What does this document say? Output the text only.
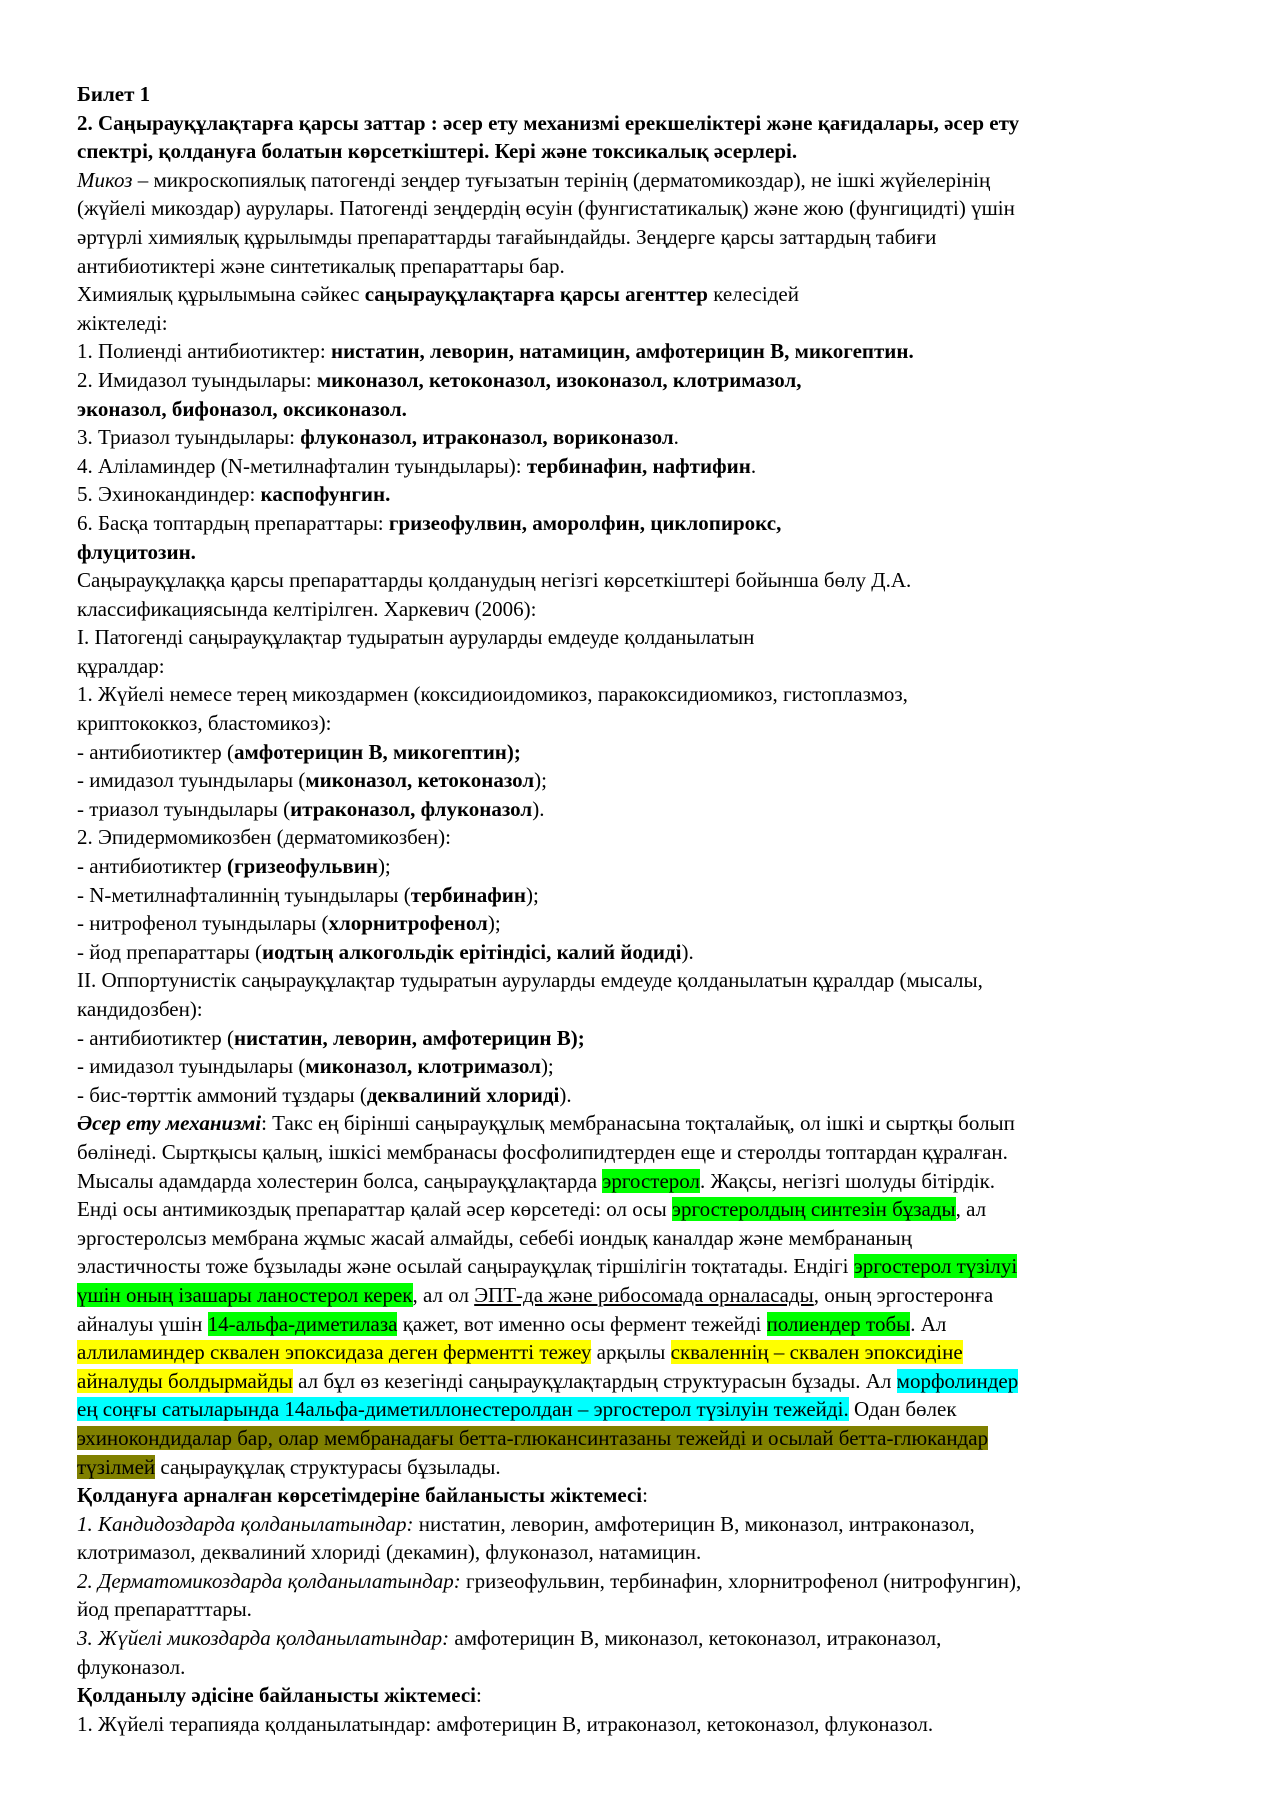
Билет 1
2. Саңырауқұлақтарға қарсы заттар : әсер ету механизмі ерекшеліктері және қағидалары, әсер ету
спектрі, қолдануға болатын көрсеткіштері. Кері және токсикалық әсерлері.
Микоз – микроскопиялық патогенді зеңдер туғызатын терінің (дерматомикоздар), не ішкі жүйелерінің
(жүйелі микоздар) аурулары. Патогенді зеңдердің өсуін (фунгистатикалық) және жою (фунгицидті) үшін
әртүрлі химиялық құрылымды препараттарды тағайындайды. Зеңдерге қарсы заттардың табиғи
антибиотиктері және синтетикалық препараттары бар.
Химиялық құрылымына сәйкес саңырауқұлақтарға қарсы агенттер келесідей
жіктеледі:
1. Полиенді антибиотиктер: нистатин, леворин, натамицин, амфотерицин В, микогептин.
2. Имидазол туындылары: миконазол, кетоконазол, изоконазол, клотримазол,
эконазол, бифоназол, оксиконазол.
3. Триазол туындылары: флуконазол, итраконазол, вориконазол.
4. Аліламиндер (N-метилнафталин туындылары): тербинафин, нафтифин.
5. Эхинокандиндер: каспофунгин.
6. Басқа топтардың препараттары: гризеофулвин, аморолфин, циклопирокс,
флуцитозин.
Саңырауқұлаққа қарсы препараттарды қолданудың негізгі көрсеткіштері бойынша бөлу Д.А.
классификациясында келтірілген. Харкевич (2006):
I. Патогенді саңырауқұлақтар тудыратын ауруларды емдеуде қолданылатын
құралдар:
1. Жүйелі немесе терең микоздармен (коксидиоидомикоз, паракоксидиомикоз, гистоплазмоз,
криптококкоз, бластомикоз):
- антибиотиктер (амфотерицин В, микогептин);
- имидазол туындылары (миконазол, кетоконазол);
- триазол туындылары (итраконазол, флуконазол).
2. Эпидермомикозбен (дерматомикозбен):
- антибиотиктер (гризеофульвин);
- N-метилнафталиннің туындылары (тербинафин);
- нитрофенол туындылары (хлорнитрофенол);
- йод препараттары (иодтың алкогольдік ерітіндісі, калий йодиді).
II. Оппортунистік саңырауқұлақтар тудыратын ауруларды емдеуде қолданылатын құралдар (мысалы,
кандидозбен):
- антибиотиктер (нистатин, леворин, амфотерицин В);
- имидазол туындылары (миконазол, клотримазол);
- бис-төрттік аммоний тұздары (деквалиний хлориді).
Әсер ету механизмі: Такс ең бірінші саңырауқұлық мембранасына тоқталайық, ол ішкі и сыртқы болып
бөлінеді. Сыртқысы қалың, ішкісі мембранасы фосфолипидтерден еще и стеролды топтардан құралған.
Мысалы адамдарда холестерин болса, саңырауқұлақтарда эргостерол. Жақсы, негізгі шолуды бітірдік.
Енді осы антимикоздық препараттар қалай әсер көрсетеді: ол осы эргостеролдың синтезін бұзады, ал
эргостеролсыз мембрана жұмыс жасай алмайды, себебі иондық каналдар және мембрананың
эластичносты тоже бұзылады және осылай саңырауқұлақ тіршілігін тоқтатады. Ендігі эргостерол түзілуі
үшін оның ізашары ланостерол керек, ал ол ЭПТ-да және рибосомада орналасады, оның эргостеронға
айналуы үшін 14-альфа-диметилаза қажет, вот именно осы фермент тежейді полиендер тобы. Ал
аллиламиндер сквален эпоксидаза деген ферментті тежеу арқылы скваленнің – сквален эпоксидіне
айналуды болдырмайды ал бұл өз кезегінді саңырауқұлақтардың структурасын бұзады. Ал морфолиндер
ең соңғы сатыларында 14альфа-диметиллонестеролдан – эргостерол түзілуін тежейді. Одан бөлек
эхинокондидалар бар, олар мембранадағы бетта-глюкансинтазаны тежейді и осылай бетта-глюкандар
түзілмей саңырауқұлақ структурасы бұзылады.
Қолдануға арналған көрсетімдеріне байланысты жіктемесі:
1. Кандидоздарда қолданылатындар: нистатин, леворин, амфотерицин В, миконазол, интраконазол,
клотримазол, деквалиний хлориді (декамин), флуконазол, натамицин.
2. Дерматомикоздарда қолданылатындар: гризеофульвин, тербинафин, хлорнитрофенол (нитрофунгин),
йод препаратттары.
3. Жүйелі микоздарда қолданылатындар: амфотерицин В, миконазол, кетоконазол, итраконазол,
флуконазол.
Қолданылу әдісіне байланысты жіктемесі:
1. Жүйелі терапияда қолданылатындар: амфотерицин В, итраконазол, кетоконазол, флуконазол.
